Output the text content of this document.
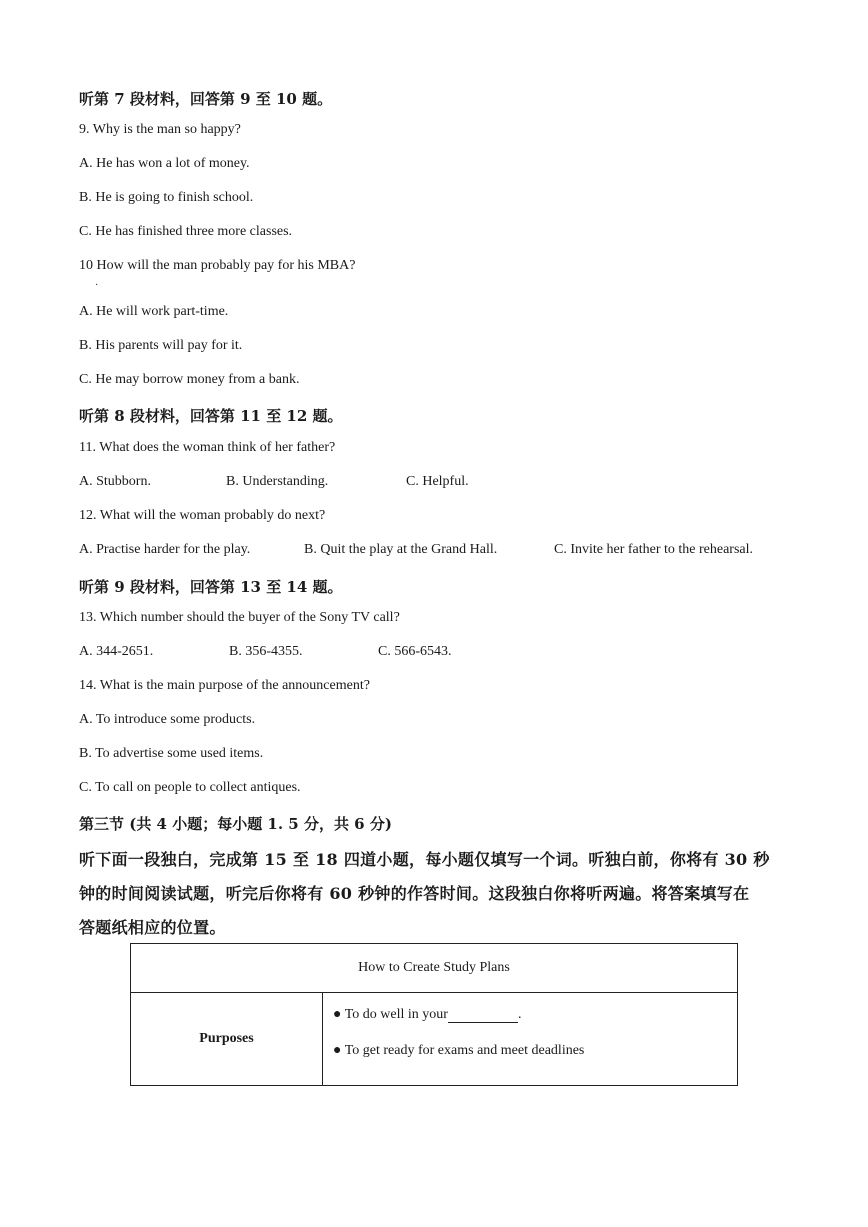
听第 7 段材料，回答第 9 至 10 题。
9. Why is the man so happy?
A. He has won a lot of money.
B. He is going to finish school.
C. He has finished three more classes.
10 How will the man probably pay for his MBA?
·
A. He will work part-time.
B. His parents will pay for it.
C. He may borrow money from a bank.
听第 8 段材料，回答第 11 至 12 题。
11. What does the woman think of her father?
A. Stubborn.	B. Understanding.	C. Helpful.
12. What will the woman probably do next?
A. Practise harder for the play.	B. Quit the play at the Grand Hall.	C. Invite her father to the rehearsal.
听第 9 段材料，回答第 13 至 14 题。
13. Which number should the buyer of the Sony TV call?
A. 344-2651.	B. 356-4355.	C. 566-6543.
14. What is the main purpose of the announcement?
A. To introduce some products.
B. To advertise some used items.
C. To call on people to collect antiques.
第三节 (共 4 小题；每小题 1. 5 分，共 6 分)
听下面一段独白，完成第 15 至 18 四道小题，每小题仅填写一个词。听独白前，你将有 30 秒
钟的时间阅读试题，听完后你将有 60 秒钟的作答时间。这段独白你将听两遍。将答案填写在
答题纸相应的位置。
How to Create Study Plans
Purposes	
● To do well in your	.
● To get ready for exams and meet deadlines
